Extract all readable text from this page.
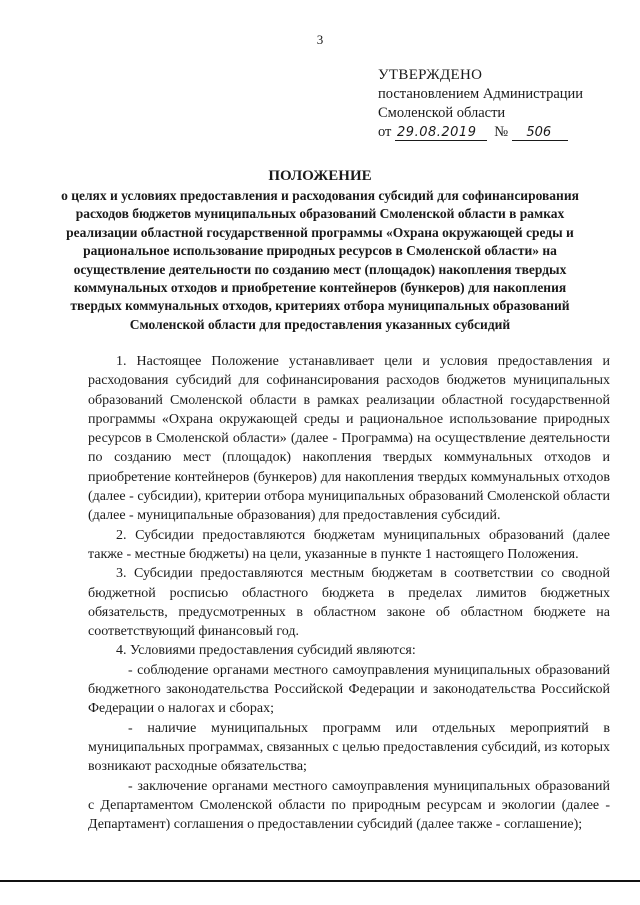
3
УТВЕРЖДЕНО
постановлением Администрации
Смоленской области
от 29.08.2019 № 506
ПОЛОЖЕНИЕ
о целях и условиях предоставления и расходования субсидий для софинансирования расходов бюджетов муниципальных образований Смоленской области в рамках реализации областной государственной программы «Охрана окружающей среды и рациональное использование природных ресурсов в Смоленской области» на осуществление деятельности по созданию мест (площадок) накопления твердых коммунальных отходов и приобретение контейнеров (бункеров) для накопления твердых коммунальных отходов, критериях отбора муниципальных образований Смоленской области для предоставления указанных субсидий

1. Настоящее Положение устанавливает цели и условия предоставления и расходования субсидий для софинансирования расходов бюджетов муниципальных образований Смоленской области в рамках реализации областной государственной программы «Охрана окружающей среды и рациональное использование природных ресурсов в Смоленской области» (далее - Программа) на осуществление деятельности по созданию мест (площадок) накопления твердых коммунальных отходов и приобретение контейнеров (бункеров) для накопления твердых коммунальных отходов (далее - субсидии), критерии отбора муниципальных образований Смоленской области (далее - муниципальные образования) для предоставления субсидий.

2. Субсидии предоставляются бюджетам муниципальных образований (далее также - местные бюджеты) на цели, указанные в пункте 1 настоящего Положения.

3. Субсидии предоставляются местным бюджетам в соответствии со сводной бюджетной росписью областного бюджета в пределах лимитов бюджетных обязательств, предусмотренных в областном законе об областном бюджете на соответствующий финансовый год.

4. Условиями предоставления субсидий являются:

- соблюдение органами местного самоуправления муниципальных образований бюджетного законодательства Российской Федерации и законодательства Российской Федерации о налогах и сборах;

- наличие муниципальных программ или отдельных мероприятий в муниципальных программах, связанных с целью предоставления субсидий, из которых возникают расходные обязательства;

- заключение органами местного самоуправления муниципальных образований с Департаментом Смоленской области по природным ресурсам и экологии (далее - Департамент) соглашения о предоставлении субсидий (далее также - соглашение);
